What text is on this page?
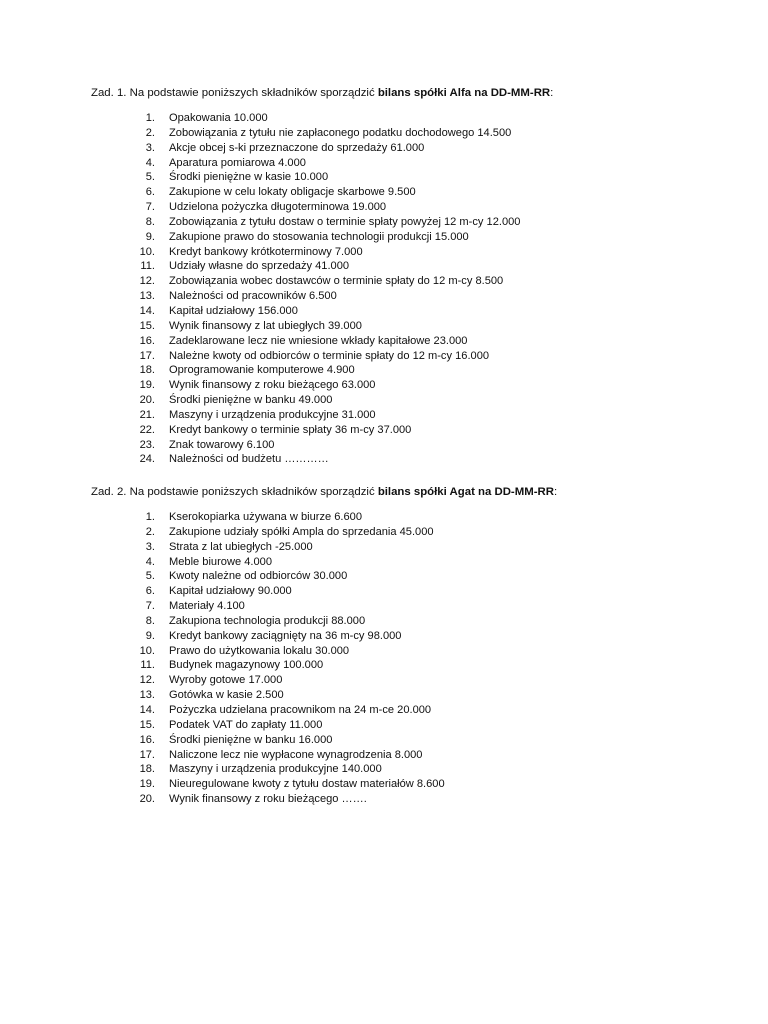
Zad. 1. Na podstawie poniższych składników sporządzić bilans spółki Alfa na DD-MM-RR:
1.	Opakowania 10.000
2.	Zobowiązania z tytułu nie zapłaconego podatku dochodowego 14.500
3.	Akcje obcej s-ki przeznaczone do sprzedaży 61.000
4.	Aparatura pomiarowa 4.000
5.	Środki pieniężne w kasie 10.000
6.	Zakupione w celu lokaty obligacje skarbowe 9.500
7.	Udzielona pożyczka długoterminowa 19.000
8.	Zobowiązania z tytułu dostaw o terminie spłaty powyżej 12 m-cy 12.000
9.	Zakupione prawo do stosowania technologii produkcji 15.000
10.	Kredyt bankowy krótkoterminowy 7.000
11.	Udziały własne do sprzedaży 41.000
12.	Zobowiązania wobec dostawców o terminie spłaty do 12 m-cy 8.500
13.	Należności od pracowników 6.500
14.	Kapitał udziałowy 156.000
15.	Wynik finansowy z lat ubiegłych 39.000
16.	Zadeklarowane lecz nie wniesione wkłady kapitałowe 23.000
17.	Należne kwoty od odbiorców o terminie spłaty do 12 m-cy 16.000
18.	Oprogramowanie komputerowe 4.900
19.	Wynik finansowy z roku bieżącego 63.000
20.	Środki pieniężne w banku 49.000
21.	Maszyny i urządzenia produkcyjne 31.000
22.	Kredyt bankowy o terminie spłaty 36 m-cy 37.000
23.	Znak towarowy 6.100
24.	Należności od budżetu …………
Zad. 2. Na podstawie poniższych składników sporządzić bilans spółki Agat na DD-MM-RR:
1.	Kserokopiarka używana w biurze 6.600
2.	Zakupione udziały spółki Ampla do sprzedania 45.000
3.	Strata z lat ubiegłych -25.000
4.	Meble biurowe 4.000
5.	Kwoty należne od odbiorców 30.000
6.	Kapitał udziałowy 90.000
7.	Materiały 4.100
8.	Zakupiona technologia produkcji 88.000
9.	Kredyt bankowy zaciągnięty na 36 m-cy 98.000
10.	Prawo do użytkowania lokalu 30.000
11.	Budynek magazynowy 100.000
12.	Wyroby gotowe 17.000
13.	Gotówka w kasie 2.500
14.	Pożyczka udzielana pracownikom na 24 m-ce 20.000
15.	Podatek VAT do zapłaty 11.000
16.	Środki pieniężne w banku 16.000
17.	Naliczone lecz nie wypłacone wynagrodzenia 8.000
18.	Maszyny i urządzenia produkcyjne 140.000
19.	Nieuregulowane kwoty z tytułu dostaw materiałów 8.600
20.	Wynik finansowy z roku bieżącego …….
